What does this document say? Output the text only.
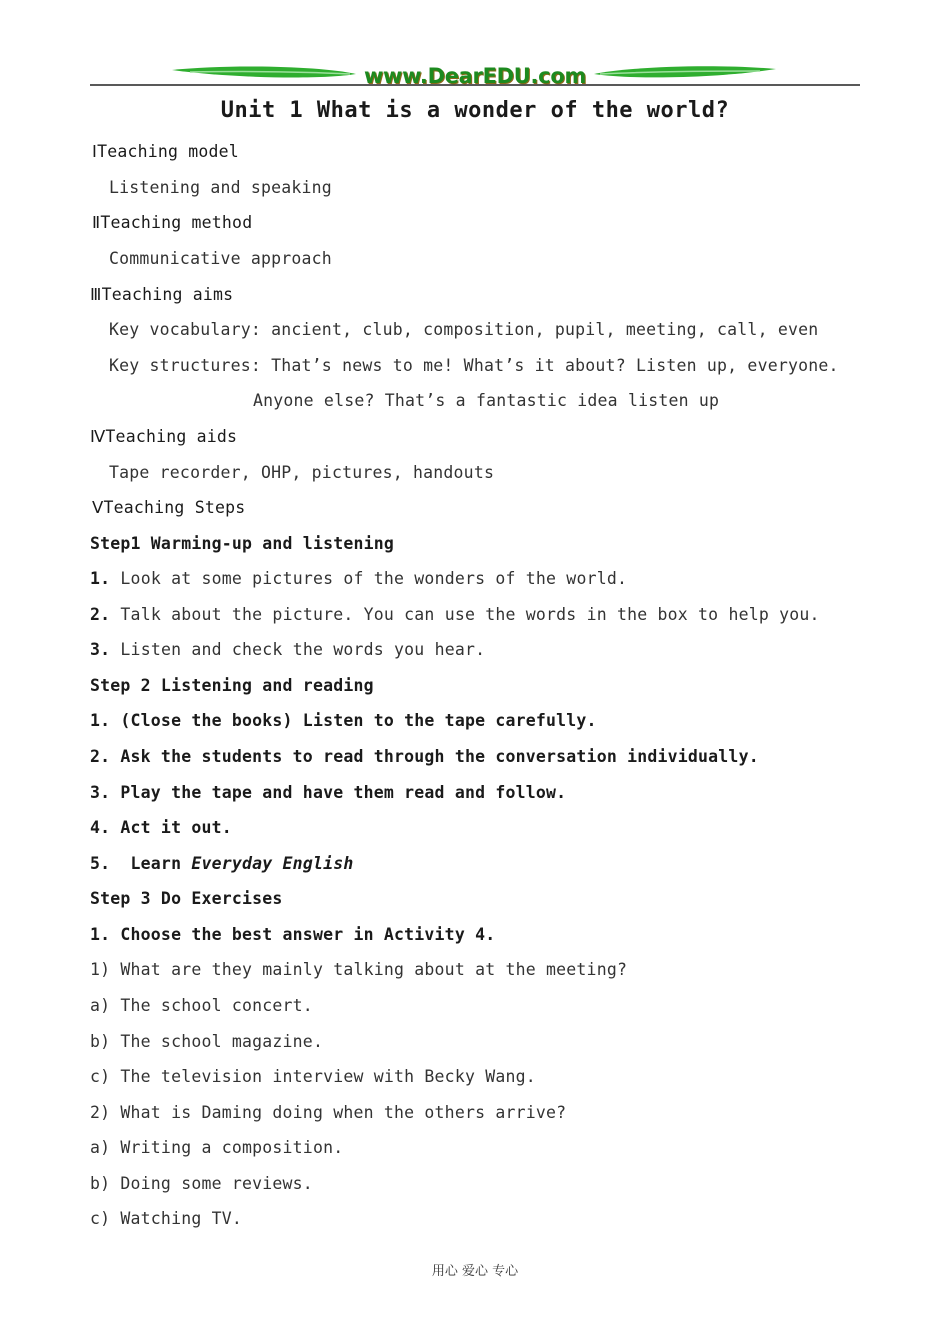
www.DearEDU.com
Unit 1 What is a wonder of the world?
ⅠTeaching model
Listening and speaking
ⅡTeaching method
Communicative approach
ⅢTeaching aims
Key vocabulary: ancient, club, composition, pupil, meeting, call, even
Key structures: That’s news to me! What’s it about? Listen up, everyone.
Anyone else? That’s a fantastic idea listen up
ⅣTeaching aids
Tape recorder, OHP, pictures, handouts
ⅤTeaching Steps
Step1 Warming-up and listening
1. Look at some pictures of the wonders of the world.
2. Talk about the picture. You can use the words in the box to help you.
3. Listen and check the words you hear.
Step 2 Listening and reading
1. (Close the books) Listen to the tape carefully.
2. Ask the students to read through the conversation individually.
3. Play the tape and have them read and follow.
4. Act it out.
5.  Learn Everyday English
Step 3 Do Exercises
1. Choose the best answer in Activity 4.
1) What are they mainly talking about at the meeting?
a) The school concert.
b) The school magazine.
c) The television interview with Becky Wang.
2) What is Daming doing when the others arrive?
a) Writing a composition.
b) Doing some reviews.
c) Watching TV.
用心 爱心 专心
